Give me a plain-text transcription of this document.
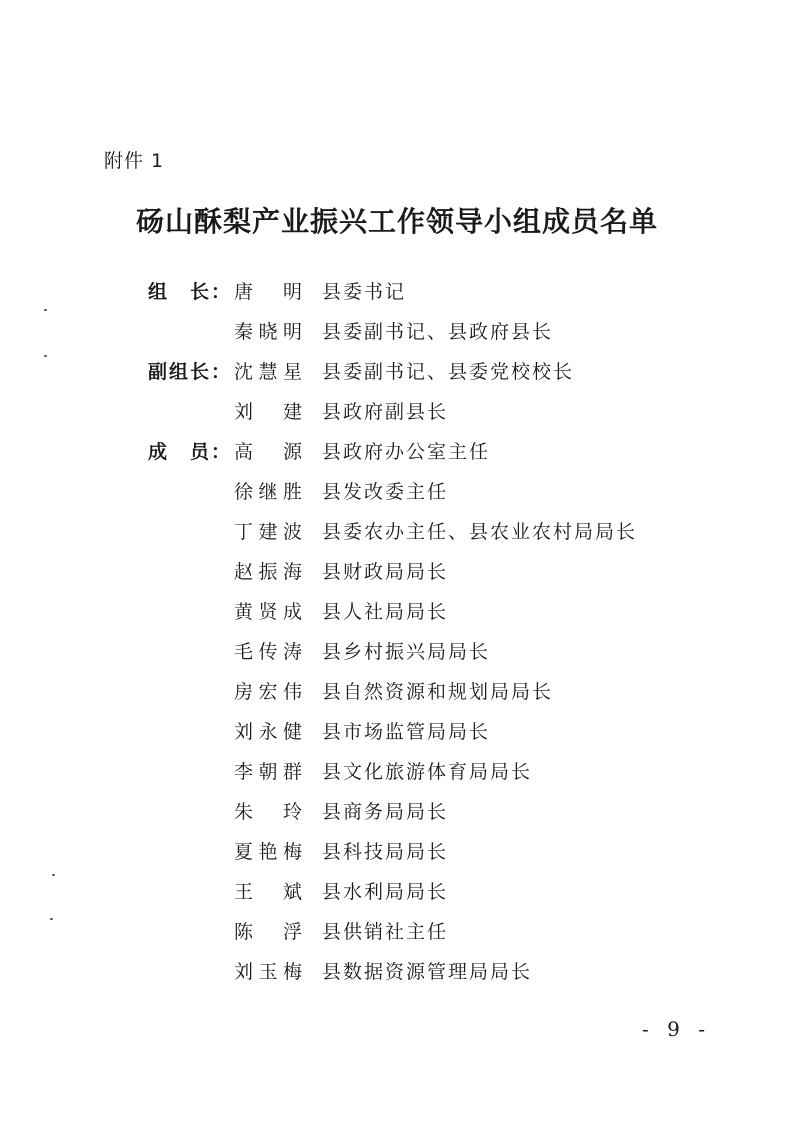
附件 1
砀山酥梨产业振兴工作领导小组成员名单
组　长： 唐　明 县委书记
秦晓明 县委副书记、县政府县长
副组长： 沈慧星 县委副书记、县委党校校长
刘　建 县政府副县长
成　员： 高　源 县政府办公室主任
徐继胜 县发改委主任
丁建波 县委农办主任、县农业农村局局长
赵振海 县财政局局长
黄贤成 县人社局局长
毛传涛 县乡村振兴局局长
房宏伟 县自然资源和规划局局长
刘永健 县市场监管局局长
李朝群 县文化旅游体育局局长
朱　玲 县商务局局长
夏艳梅 县科技局局长
王　斌 县水利局局长
陈　浮 县供销社主任
刘玉梅 县数据资源管理局局长
- 9 -
